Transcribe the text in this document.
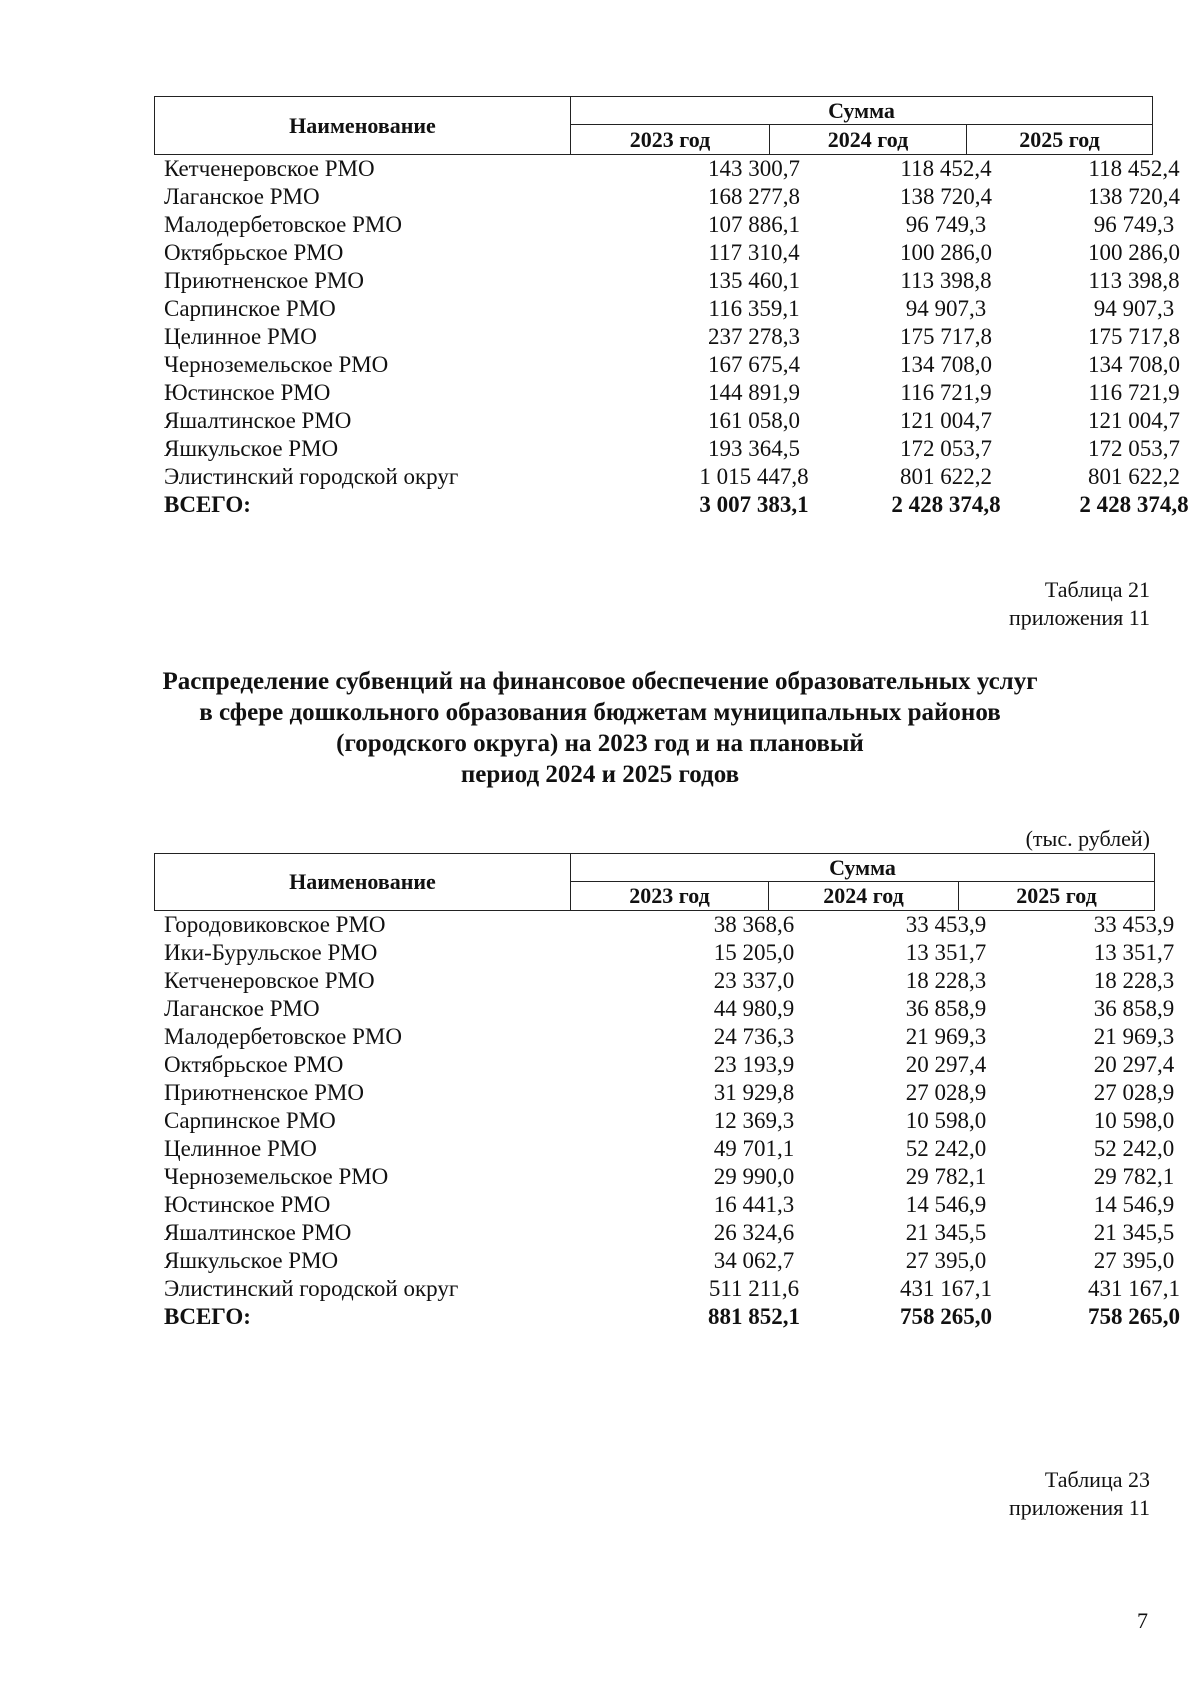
Наименование
Сумма
2023 год	2024 год	2025 год
Кетченеровское РМО	143 300,7	118 452,4	118 452,4
Лаганское РМО	168 277,8	138 720,4	138 720,4
Малодербетовское РМО	107 886,1	96 749,3	96 749,3
Октябрьское РМО	117 310,4	100 286,0	100 286,0
Приютненское РМО	135 460,1	113 398,8	113 398,8
Сарпинское РМО	116 359,1	94 907,3	94 907,3
Целинное РМО	237 278,3	175 717,8	175 717,8
Черноземельское РМО	167 675,4	134 708,0	134 708,0
Юстинское РМО	144 891,9	116 721,9	116 721,9
Яшалтинское РМО	161 058,0	121 004,7	121 004,7
Яшкульское РМО	193 364,5	172 053,7	172 053,7
Элистинский городской округ	1 015 447,8	801 622,2	801 622,2
ВСЕГО:	3 007 383,1	2 428 374,8	2 428 374,8
Таблица 21
приложения 11
Распределение субвенций на финансовое обеспечение образовательных услуг
в сфере дошкольного образования бюджетам муниципальных районов
(городского округа) на 2023 год и на плановый
период 2024 и 2025 годов
(тыс. рублей)
Наименование
Сумма
2023 год	2024 год	2025 год
Городовиковское РМО	38 368,6	33 453,9	33 453,9
Ики-Бурульское РМО	15 205,0	13 351,7	13 351,7
Кетченеровское РМО	23 337,0	18 228,3	18 228,3
Лаганское РМО	44 980,9	36 858,9	36 858,9
Малодербетовское РМО	24 736,3	21 969,3	21 969,3
Октябрьское РМО	23 193,9	20 297,4	20 297,4
Приютненское РМО	31 929,8	27 028,9	27 028,9
Сарпинское РМО	12 369,3	10 598,0	10 598,0
Целинное РМО	49 701,1	52 242,0	52 242,0
Черноземельское РМО	29 990,0	29 782,1	29 782,1
Юстинское РМО	16 441,3	14 546,9	14 546,9
Яшалтинское РМО	26 324,6	21 345,5	21 345,5
Яшкульское РМО	34 062,7	27 395,0	27 395,0
Элистинский городской округ	511 211,6	431 167,1	431 167,1
ВСЕГО:	881 852,1	758 265,0	758 265,0
Таблица 23
приложения 11
7
